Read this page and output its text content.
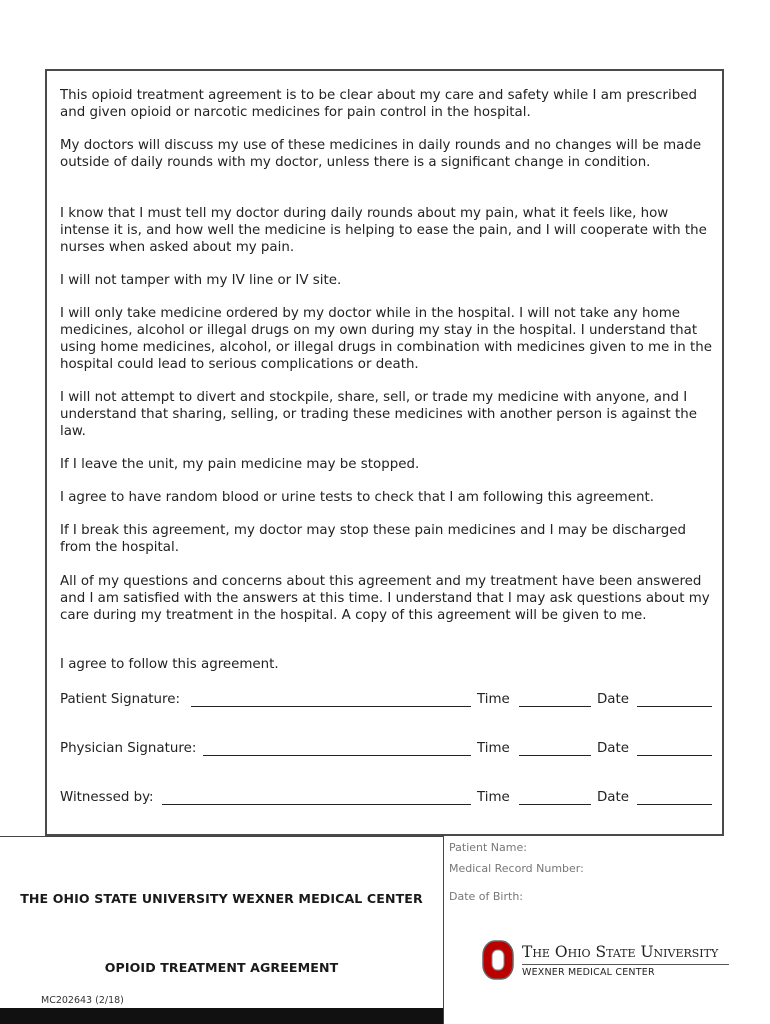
This opioid treatment agreement is to be clear about my care and safety while I am prescribed and given opioid or narcotic medicines for pain control in the hospital.
My doctors will discuss my use of these medicines in daily rounds and no changes will be made outside of daily rounds with my doctor, unless there is a significant change in condition.
I know that I must tell my doctor during daily rounds about my pain, what it feels like, how intense it is, and how well the medicine is helping to ease the pain, and I will cooperate with the nurses when asked about my pain.
I will not tamper with my IV line or IV site.
I will only take medicine ordered by my doctor while in the hospital. I will not take any home medicines, alcohol or illegal drugs on my own during my stay in the hospital. I understand that using home medicines, alcohol, or illegal drugs in combination with medicines given to me in the hospital could lead to serious complications or death.
I will not attempt to divert and stockpile, share, sell, or trade my medicine with anyone, and I understand that sharing, selling, or trading these medicines with another person is against the law.
If I leave the unit, my pain medicine may be stopped.
I agree to have random blood or urine tests to check that I am following this agreement.
If I break this agreement, my doctor may stop these pain medicines and I may be discharged from the hospital.
All of my questions and concerns about this agreement and my treatment have been answered and I am satisfied with the answers at this time. I understand that I may ask questions about my care during my treatment in the hospital. A copy of this agreement will be given to me.
I agree to follow this agreement.
Patient Signature:	Time	Date
Physician Signature:	Time	Date
Witnessed by:	Time	Date
Patient Name:
Medical Record Number:
Date of Birth:
THE OHIO STATE UNIVERSITY WEXNER MEDICAL CENTER
OPIOID TREATMENT AGREEMENT
MC202643 (2/18)
The Ohio State University
WEXNER MEDICAL CENTER
